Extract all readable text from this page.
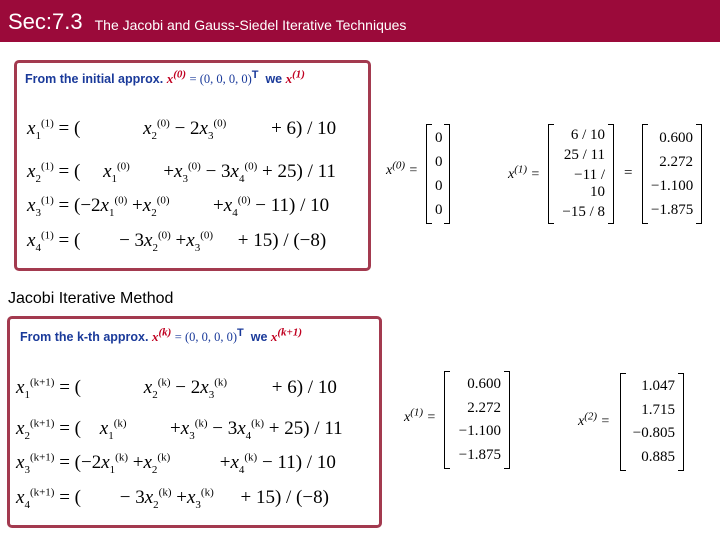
Sec:7.3 The Jacobi and Gauss-Siedel Iterative Techniques
From the initial approx. $x^{(0)} = (0$, 0, 0, 0)$^T$ we $x^{(1)}$
$x_1^{(1)}$ = (	$x_2^{(0)} - 2x_3^{(0)} + 6) / 10$
$x_2^{(1)}$ = ( $x_1^{(0)} +x_3^{(0)} - 3x_4^{(0)} + 25) / 11$
$x_3^{(1)} = (-2x_1^{(0)} +x_2^{(0)} +x_4^{(0)} - 11) / 10$
$x_4^{(1)}$ = ( − $3x_2^{(0)} +x_3^{(0)} + 15) / (-8)$
$x^{(0)}$ =
0
0
0
0
$x^{(1)}$ =
6 / 10
25 / 11
−11 / 10
−15 / 8
=
0.600
2.272
−1.100
−1.875
Jacobi Iterative Method
From the k-th approx. $x^{(k)} = (0$, 0, 0, 0)$^T$ we $x^{(k+1)}$
$x_1^{(k+1)}$ = (	$x_2^{(k)} - 2x_3^{(k)} + 6) / 10$
$x_2^{(k+1)}$ = ( $x_1^{(k)} +x_3^{(k)} - 3x_4^{(k)} + 25) / 11$
$x_3^{(k+1)} = (-2x_1^{(k)} +x_2^{(k)}$	$+x_4^{(k)} - 11) / 10$
$x_4^{(k+1)}$ = ( − $3x_2^{(k)} +x_3^{(k)} + 15) / (-8)$
$x^{(1)}$ =
0.600
2.272
−1.100
−1.875
$x^{(2)}$ =
1.047
1.715
−0.805
0.885
